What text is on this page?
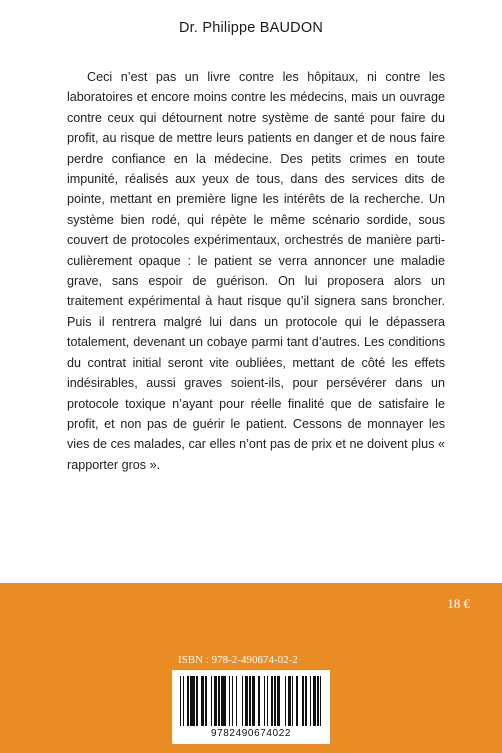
Dr. Philippe BAUDON

Ceci n’est pas un livre contre les hôpitaux, ni contre les laboratoires et encore moins contre les médecins, mais un ouvrage contre ceux qui détournent notre système de santé pour faire du profit, au risque de mettre leurs patients en danger et de nous faire perdre confiance en la médecine. Des petits crimes en toute impunité, réalisés aux yeux de tous, dans des services dits de pointe, mettant en première ligne les intérêts de la recherche. Un système bien rodé, qui répète le même scénario sordide, sous couvert de protocoles expérimentaux, orchestrés de manière particulièrement opaque : le patient se verra annoncer une maladie grave, sans espoir de guérison. On lui proposera alors un traitement expérimental à haut risque qu’il signera sans broncher. Puis il rentrera malgré lui dans un protocole qui le dépassera totalement, devenant un cobaye parmi tant d’autres. Les conditions du contrat initial seront vite oubliées, mettant de côté les effets indésirables, aussi graves soient-ils, pour persévérer dans un protocole toxique n’ayant pour réelle finalité que de satisfaire le profit, et non pas de guérir le patient. Cessons de monnayer les vies de ces malades, car elles n’ont pas de prix et ne doivent plus « rapporter gros ».

18 €
ISBN : 978-2-490674-02-2
9782490674022
